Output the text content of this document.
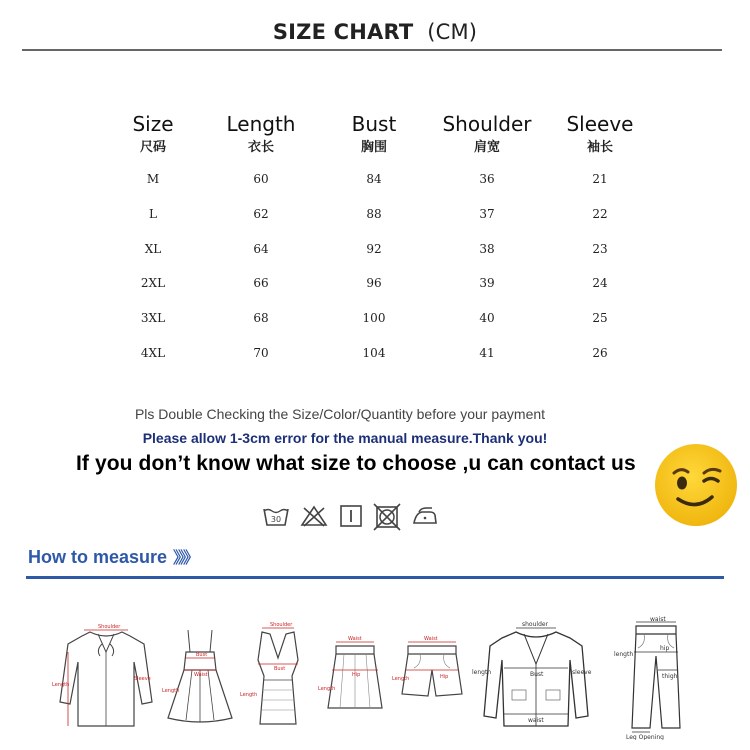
SIZE CHART (CM)
Size	Length	Bust	Shoulder	Sleeve
尺码	衣长	胸围	肩宽	袖长
M	60	84	36	21
L	62	88	37	22
XL	64	92	38	23
2XL	66	96	39	24
3XL	68	100	40	25
4XL	70	104	41	26
Pls Double Checking the Size/Color/Quantity before your payment
Please allow 1-3cm error for the manual measure.Thank you!
If you don’t know what size to choose ,u can contact us
30
How to measure 》》》
Shoulder
Length
Sleeve
Bust
Waist
Length
Shoulder
Bust
Length
Waist
Hip
Length
Waist
Hip
Length
shoulder
Bust
waist
length	sleeve
waist
hip
thigh
length
Leg Opening
